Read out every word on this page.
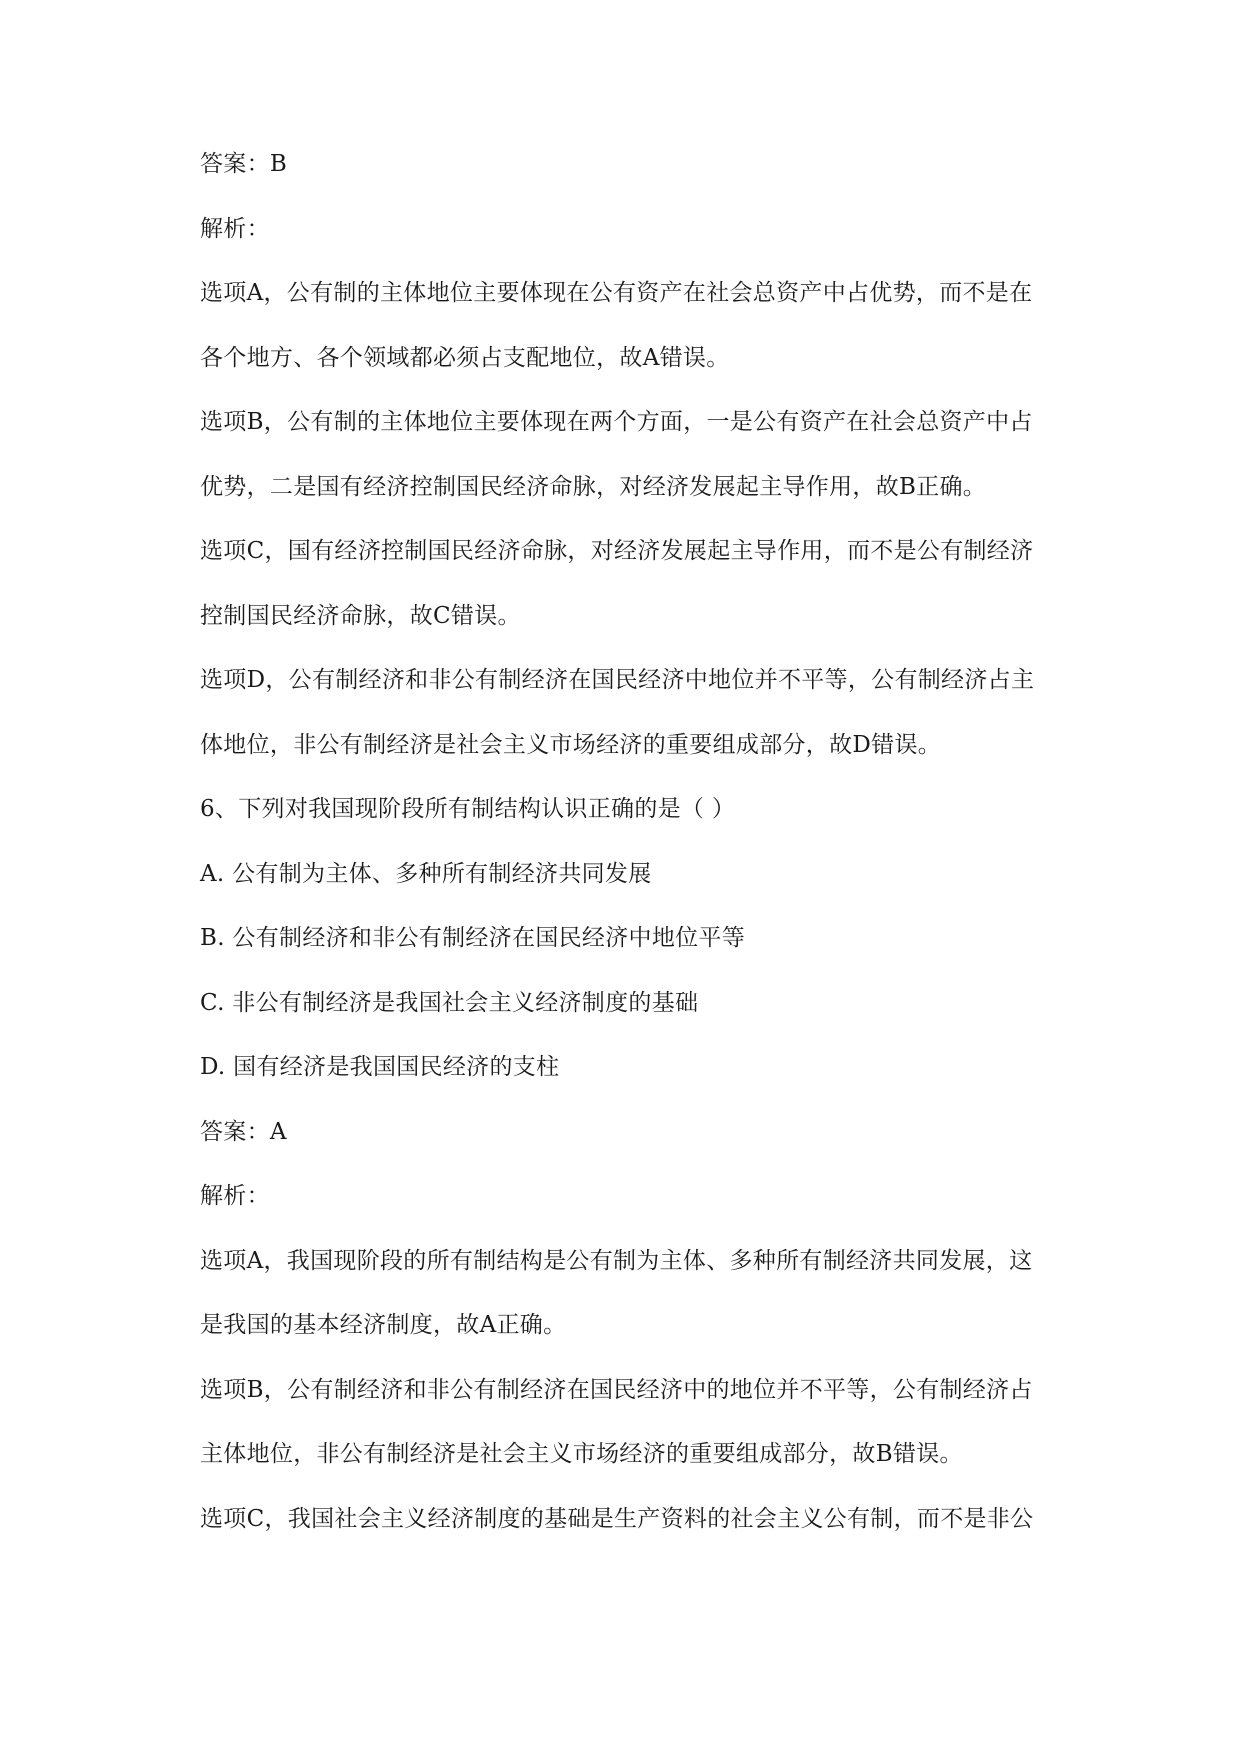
答案：B
解析：
选项A，公有制的主体地位主要体现在公有资产在社会总资产中占优势，而不是在
各个地方、各个领域都必须占支配地位，故A错误。
选项B，公有制的主体地位主要体现在两个方面，一是公有资产在社会总资产中占
优势，二是国有经济控制国民经济命脉，对经济发展起主导作用，故B正确。
选项C，国有经济控制国民经济命脉，对经济发展起主导作用，而不是公有制经济
控制国民经济命脉，故C错误。
选项D，公有制经济和非公有制经济在国民经济中地位并不平等，公有制经济占主
体地位，非公有制经济是社会主义市场经济的重要组成部分，故D错误。
6、下列对我国现阶段所有制结构认识正确的是（ ）
A. 公有制为主体、多种所有制经济共同发展
B. 公有制经济和非公有制经济在国民经济中地位平等
C. 非公有制经济是我国社会主义经济制度的基础
D. 国有经济是我国国民经济的支柱
答案：A
解析：
选项A，我国现阶段的所有制结构是公有制为主体、多种所有制经济共同发展，这
是我国的基本经济制度，故A正确。
选项B，公有制经济和非公有制经济在国民经济中的地位并不平等，公有制经济占
主体地位，非公有制经济是社会主义市场经济的重要组成部分，故B错误。
选项C，我国社会主义经济制度的基础是生产资料的社会主义公有制，而不是非公
